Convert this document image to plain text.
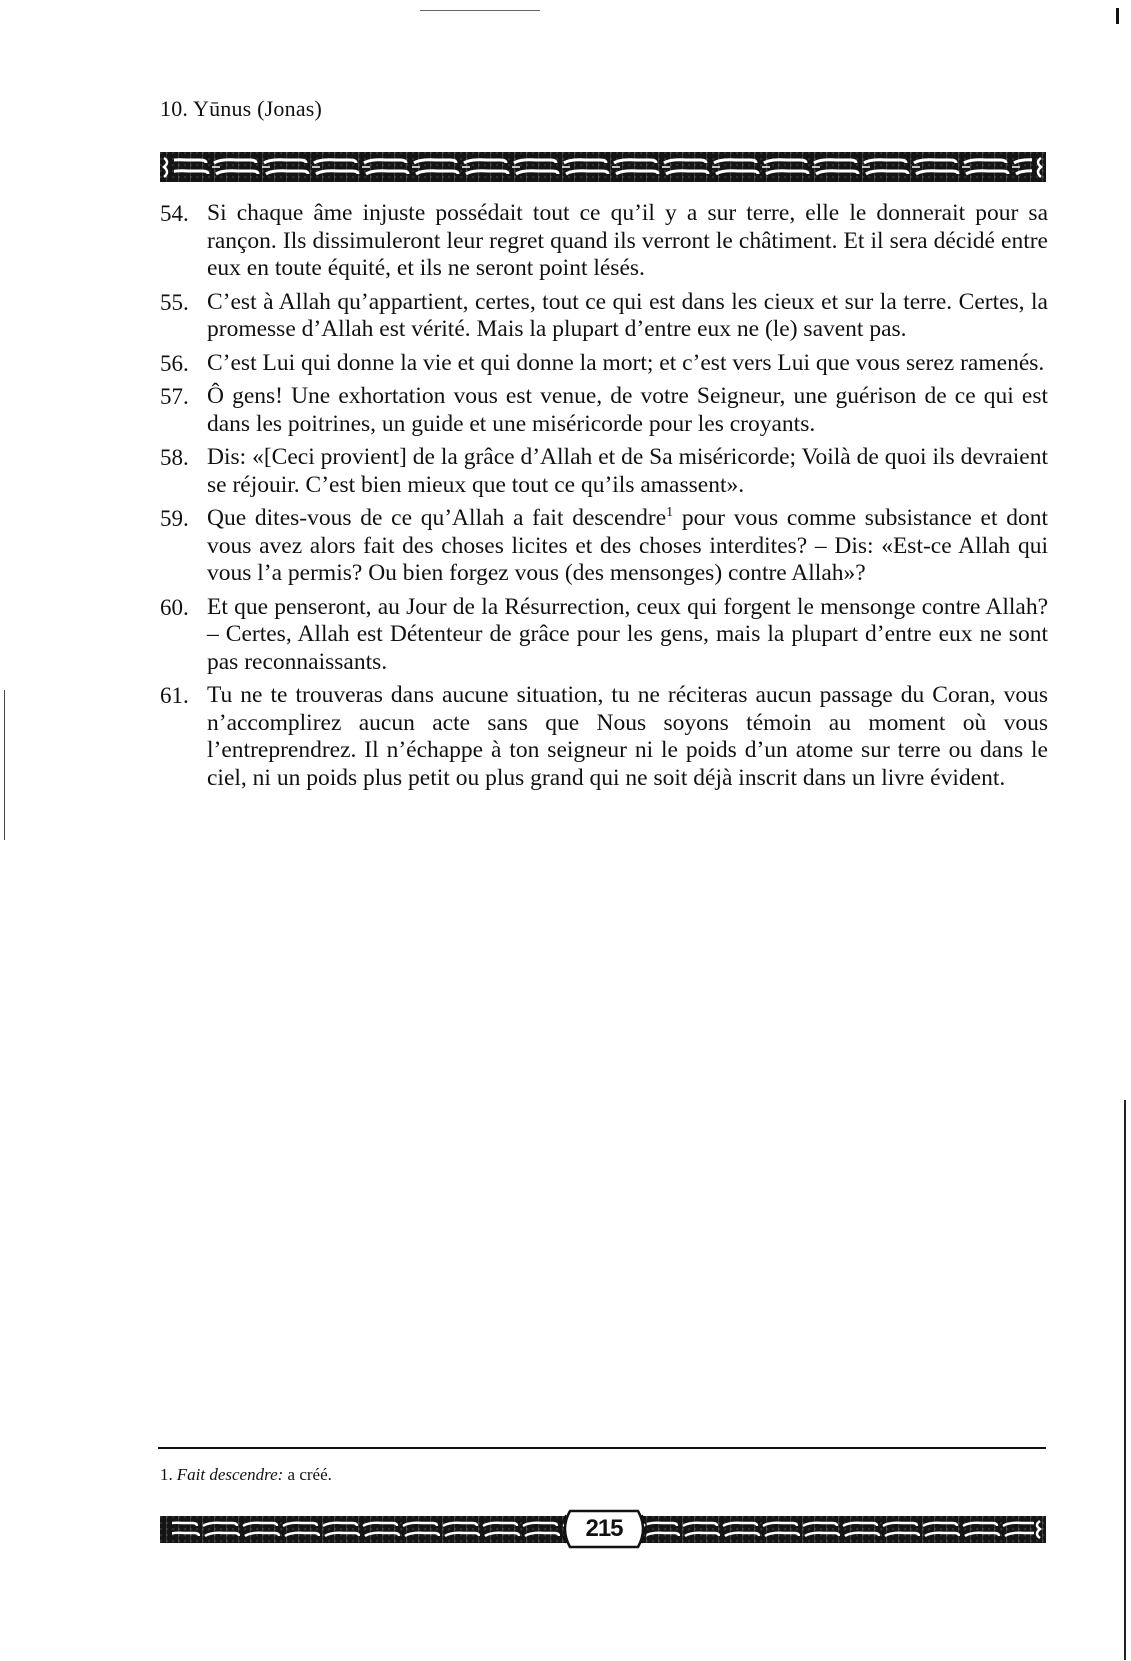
10. Yūnus (Jonas)
54. Si chaque âme injuste possédait tout ce qu’il y a sur terre, elle le donnerait pour sa rançon. Ils dissimuleront leur regret quand ils verront le châtiment. Et il sera décidé entre eux en toute équité, et ils ne seront point lésés.
55. C’est à Allah qu’appartient, certes, tout ce qui est dans les cieux et sur la terre. Certes, la promesse d’Allah est vérité. Mais la plupart d’entre eux ne (le) savent pas.
56. C’est Lui qui donne la vie et qui donne la mort; et c’est vers Lui que vous serez ramenés.
57. Ô gens! Une exhortation vous est venue, de votre Seigneur, une guérison de ce qui est dans les poitrines, un guide et une miséricorde pour les croyants.
58. Dis: «[Ceci provient] de la grâce d’Allah et de Sa miséricorde; Voilà de quoi ils devraient se réjouir. C’est bien mieux que tout ce qu’ils amassent».
59. Que dites-vous de ce qu’Allah a fait descendre$^1$ pour vous comme subsistance et dont vous avez alors fait des choses licites et des choses interdites? – Dis: «Est-ce Allah qui vous l’a permis? Ou bien forgez vous (des mensonges) contre Allah»?
60. Et que penseront, au Jour de la Résurrection, ceux qui forgent le mensonge contre Allah? – Certes, Allah est Détenteur de grâce pour les gens, mais la plupart d’entre eux ne sont pas reconnaissants.
61. Tu ne te trouveras dans aucune situation, tu ne réciteras aucun passage du Coran, vous n’accomplirez aucun acte sans que Nous soyons témoin au moment où vous l’entreprendrez. Il n’échappe à ton seigneur ni le poids d’un atome sur terre ou dans le ciel, ni un poids plus petit ou plus grand qui ne soit déjà inscrit dans un livre évident.
1. Fait descendre: a créé.
215
